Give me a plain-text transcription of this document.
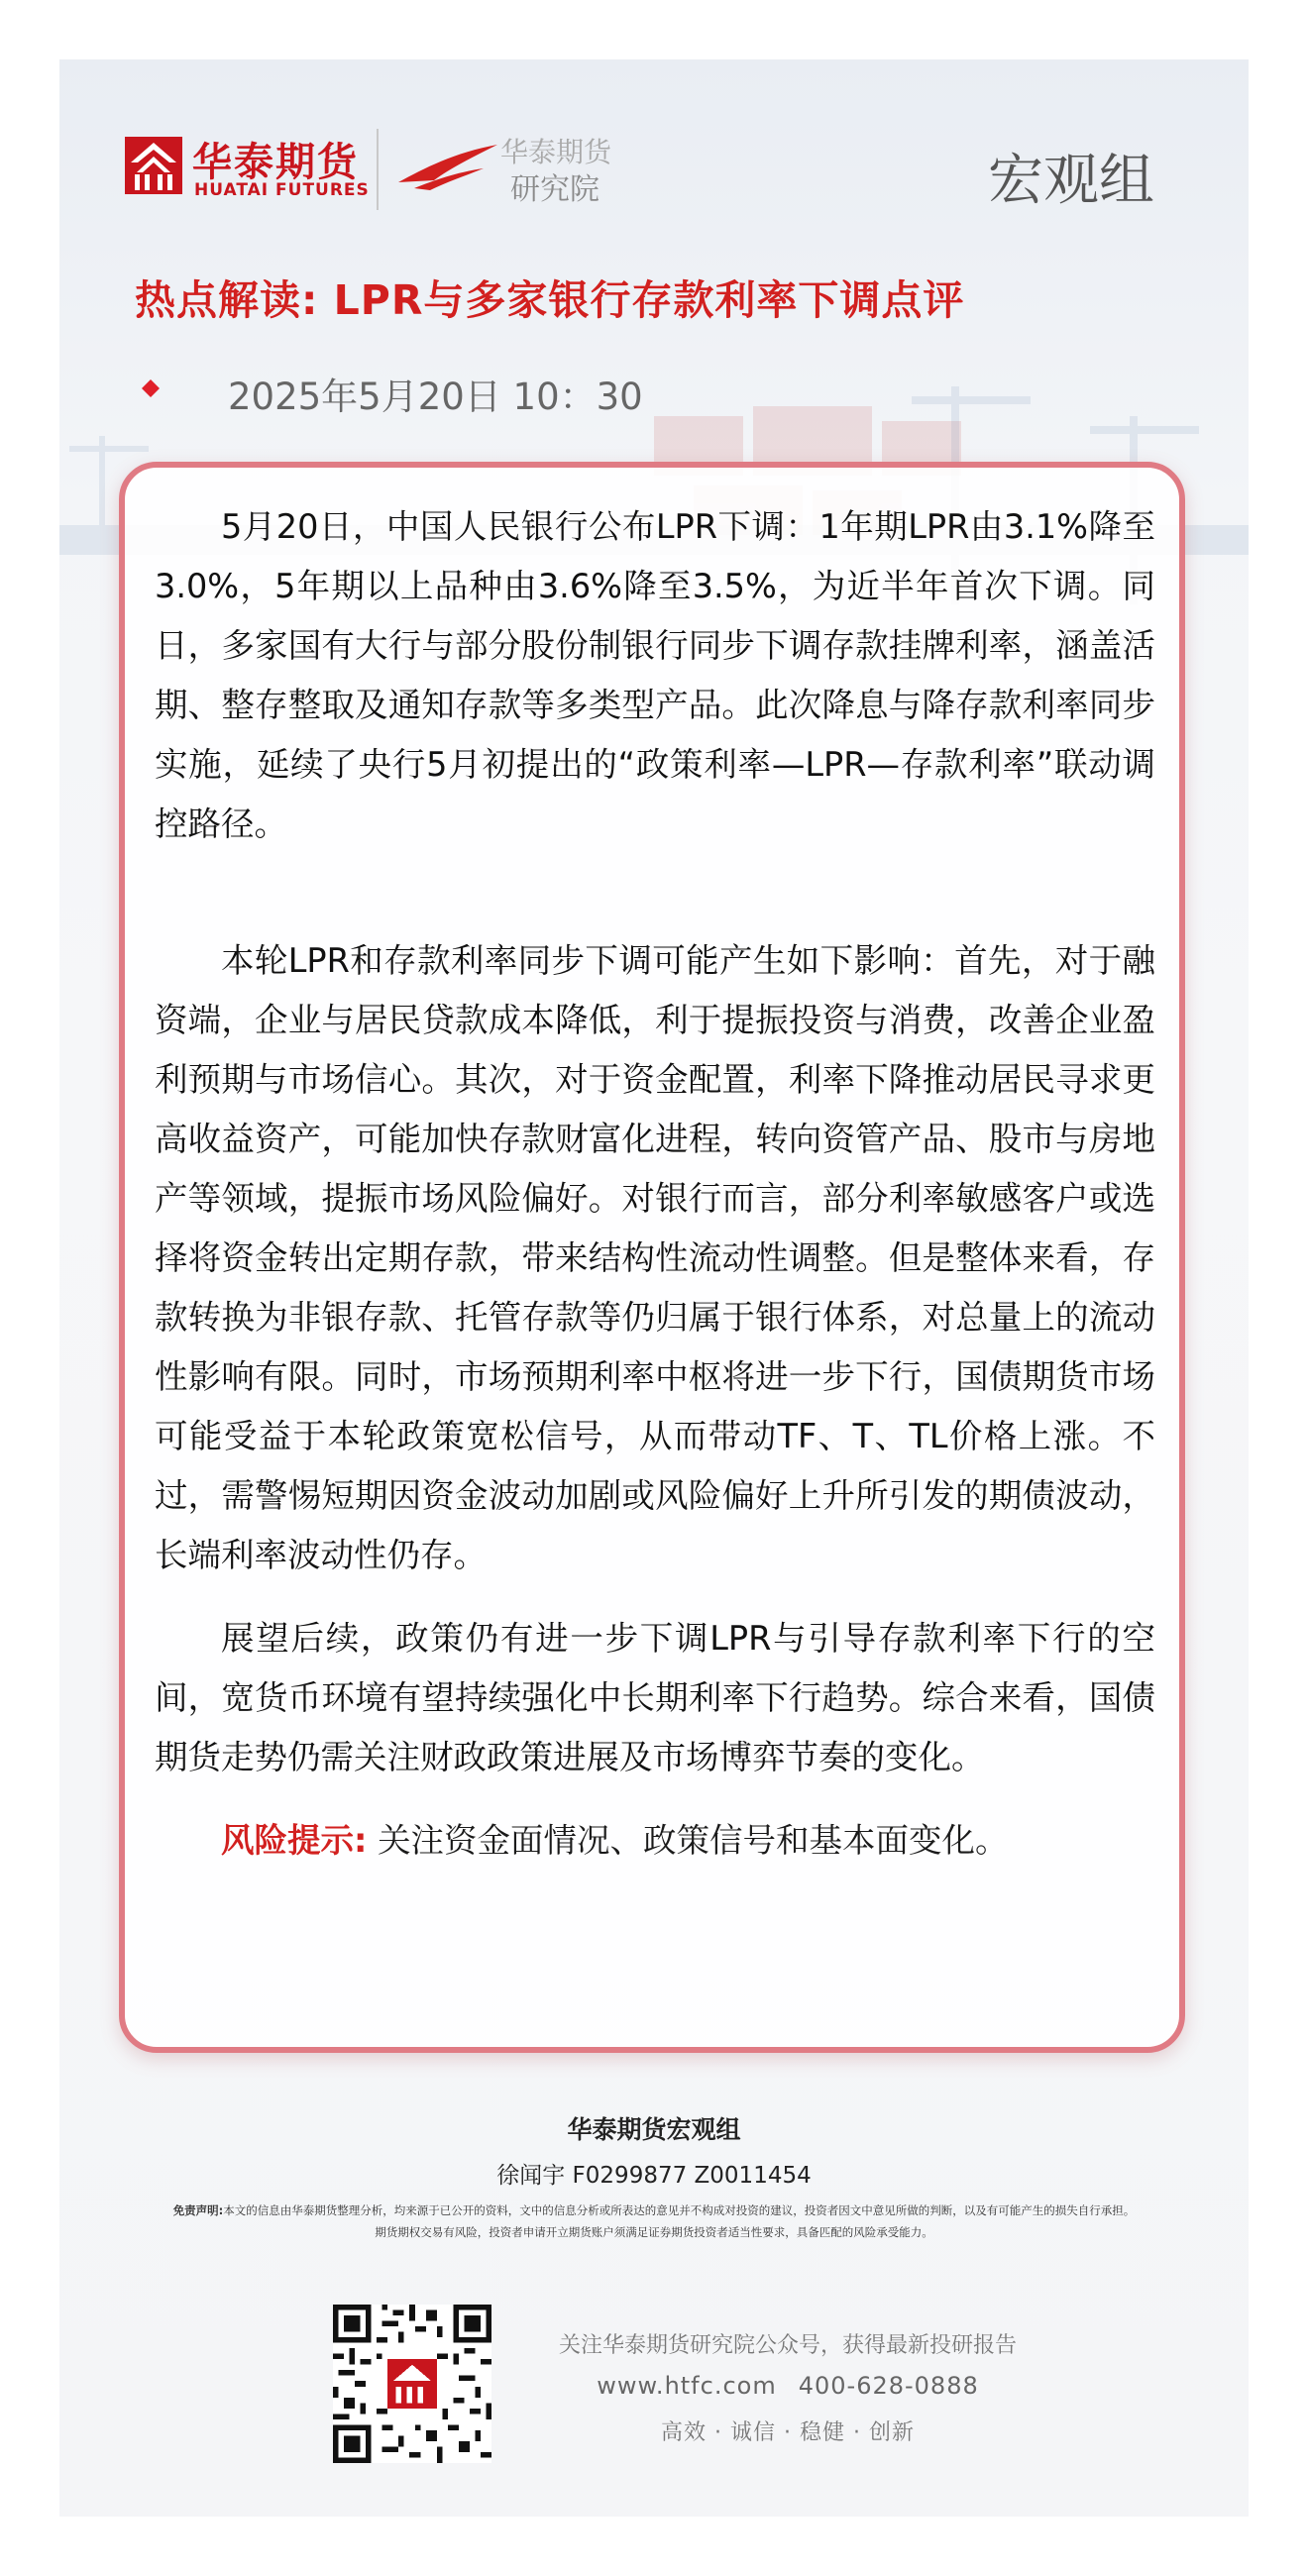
华泰期货
HUATAI FUTURES
华泰期货
研究院	宏观组
热点解读: LPR与多家银行存款利率下调点评
2025年5月20日 10：30

5月20日，中国人民银行公布LPR下调：1年期LPR由3.1%降至3.0%，5年期以上品种由3.6%降至3.5%，为近半年首次下调。同日，多家国有大行与部分股份制银行同步下调存款挂牌利率，涵盖活期、整存整取及通知存款等多类型产品。此次降息与降存款利率同步实施，延续了央行5月初提出的“政策利率—LPR—存款利率”联动调控路径。

本轮LPR和存款利率同步下调可能产生如下影响：首先，对于融资端，企业与居民贷款成本降低，利于提振投资与消费，改善企业盈利预期与市场信心。其次，对于资金配置，利率下降推动居民寻求更高收益资产，可能加快存款财富化进程，转向资管产品、股市与房地产等领域，提振市场风险偏好。对银行而言，部分利率敏感客户或选择将资金转出定期存款，带来结构性流动性调整。但是整体来看，存款转换为非银存款、托管存款等仍归属于银行体系，对总量上的流动性影响有限。同时，市场预期利率中枢将进一步下行，国债期货市场可能受益于本轮政策宽松信号，从而带动TF、T、TL价格上涨。不过，需警惕短期因资金波动加剧或风险偏好上升所引发的期债波动，长端利率波动性仍存。

展望后续，政策仍有进一步下调LPR与引导存款利率下行的空间，宽货币环境有望持续强化中长期利率下行趋势。综合来看，国债期货走势仍需关注财政政策进展及市场博弈节奏的变化。

风险提示: 关注资金面情况、政策信号和基本面变化。

华泰期货宏观组
徐闻宇 F0299877 Z0011454
免责声明:本文的信息由华泰期货整理分析，均来源于已公开的资料，文中的信息分析或所表达的意见并不构成对投资的建议，投资者因文中意见所做的判断，以及有可能产生的损失自行承担。期货期权交易有风险，投资者申请开立期货账户须满足证券期货投资者适当性要求，具备匹配的风险承受能力。
关注华泰期货研究院公众号，获得最新投研报告
www.htfc.com 400-628-0888
高效 · 诚信 · 稳健 · 创新
